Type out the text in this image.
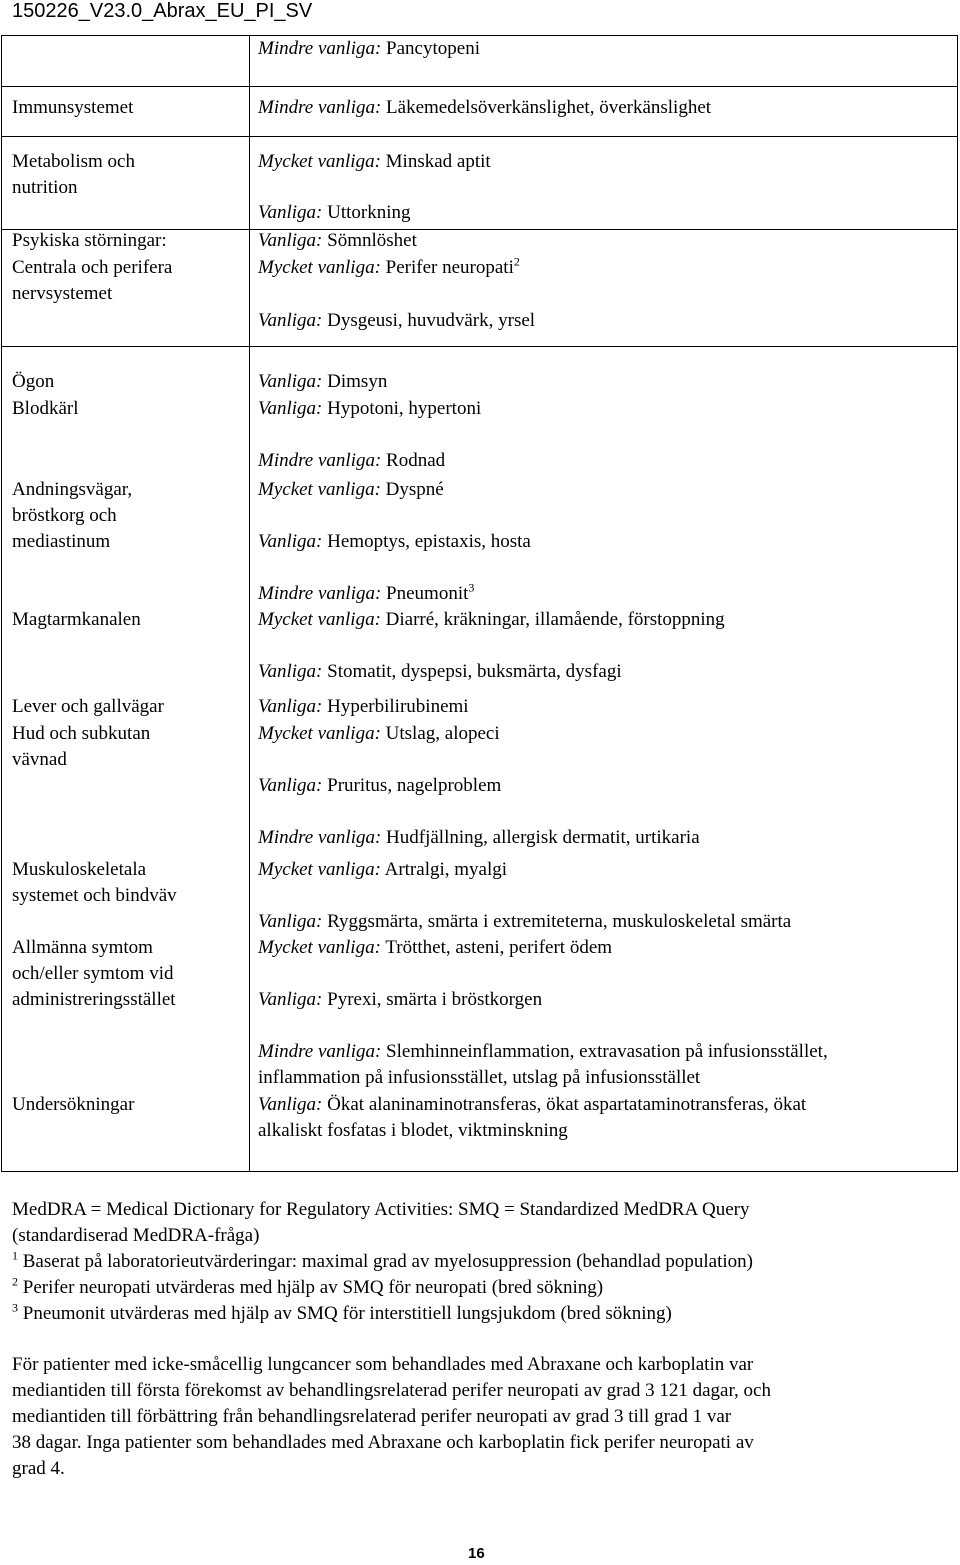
150226_V23.0_Abrax_EU_PI_SV
Immunsystemet
Metabolism och
nutrition
Psykiska störningar:
Centrala och perifera
nervsystemet
Ögon
Blodkärl
Andningsvägar,
bröstkorg och
mediastinum
Magtarmkanalen
Lever och gallvägar
Hud och subkutan
vävnad
Muskuloskeletala
systemet och bindväv
Allmänna symtom
och/eller symtom vid
administreringsstället
Undersökningar
Mindre vanliga: Pancytopeni
Mindre vanliga: Läkemedelsöverkänslighet, överkänslighet
Mycket vanliga: Minskad aptit
Vanliga: Uttorkning
Vanliga: Sömnlöshet
Mycket vanliga: Perifer neuropati$^2$
Vanliga: Dysgeusi, huvudvärk, yrsel
Vanliga: Dimsyn
Vanliga: Hypotoni, hypertoni
Mindre vanliga: Rodnad
Mycket vanliga: Dyspné
Vanliga: Hemoptys, epistaxis, hosta
Mindre vanliga: Pneumonit$^3$
Mycket vanliga: Diarré, kräkningar, illamående, förstoppning
Vanliga: Stomatit, dyspepsi, buksmärta, dysfagi
Vanliga: Hyperbilirubinemi
Mycket vanliga: Utslag, alopeci
Vanliga: Pruritus, nagelproblem
Mindre vanliga: Hudfjällning, allergisk dermatit, urtikaria
Mycket vanliga: Artralgi, myalgi
Vanliga: Ryggsmärta, smärta i extremiteterna, muskuloskeletal smärta
Mycket vanliga: Trötthet, asteni, perifert ödem
Vanliga: Pyrexi, smärta i bröstkorgen
Mindre vanliga: Slemhinneinflammation, extravasation på infusionsstället,
inflammation på infusionsstället, utslag på infusionsstället
Vanliga: Ökat alaninaminotransferas, ökat aspartataminotransferas, ökat
alkaliskt fosfatas i blodet, viktminskning
MedDRA = Medical Dictionary for Regulatory Activities: SMQ = Standardized MedDRA Query
(standardiserad MedDRA-fråga)
$^1$ Baserat på laboratorieutvärderingar: maximal grad av myelosuppression (behandlad population)
$^2$ Perifer neuropati utvärderas med hjälp av SMQ för neuropati (bred sökning)
$^3$ Pneumonit utvärderas med hjälp av SMQ för interstitiell lungsjukdom (bred sökning)
För patienter med icke-småcellig lungcancer som behandlades med Abraxane och karboplatin var
mediantiden till första förekomst av behandlingsrelaterad perifer neuropati av grad 3 121 dagar, och
mediantiden till förbättring från behandlingsrelaterad perifer neuropati av grad 3 till grad 1 var
38 dagar. Inga patienter som behandlades med Abraxane och karboplatin fick perifer neuropati av
grad 4.
16
